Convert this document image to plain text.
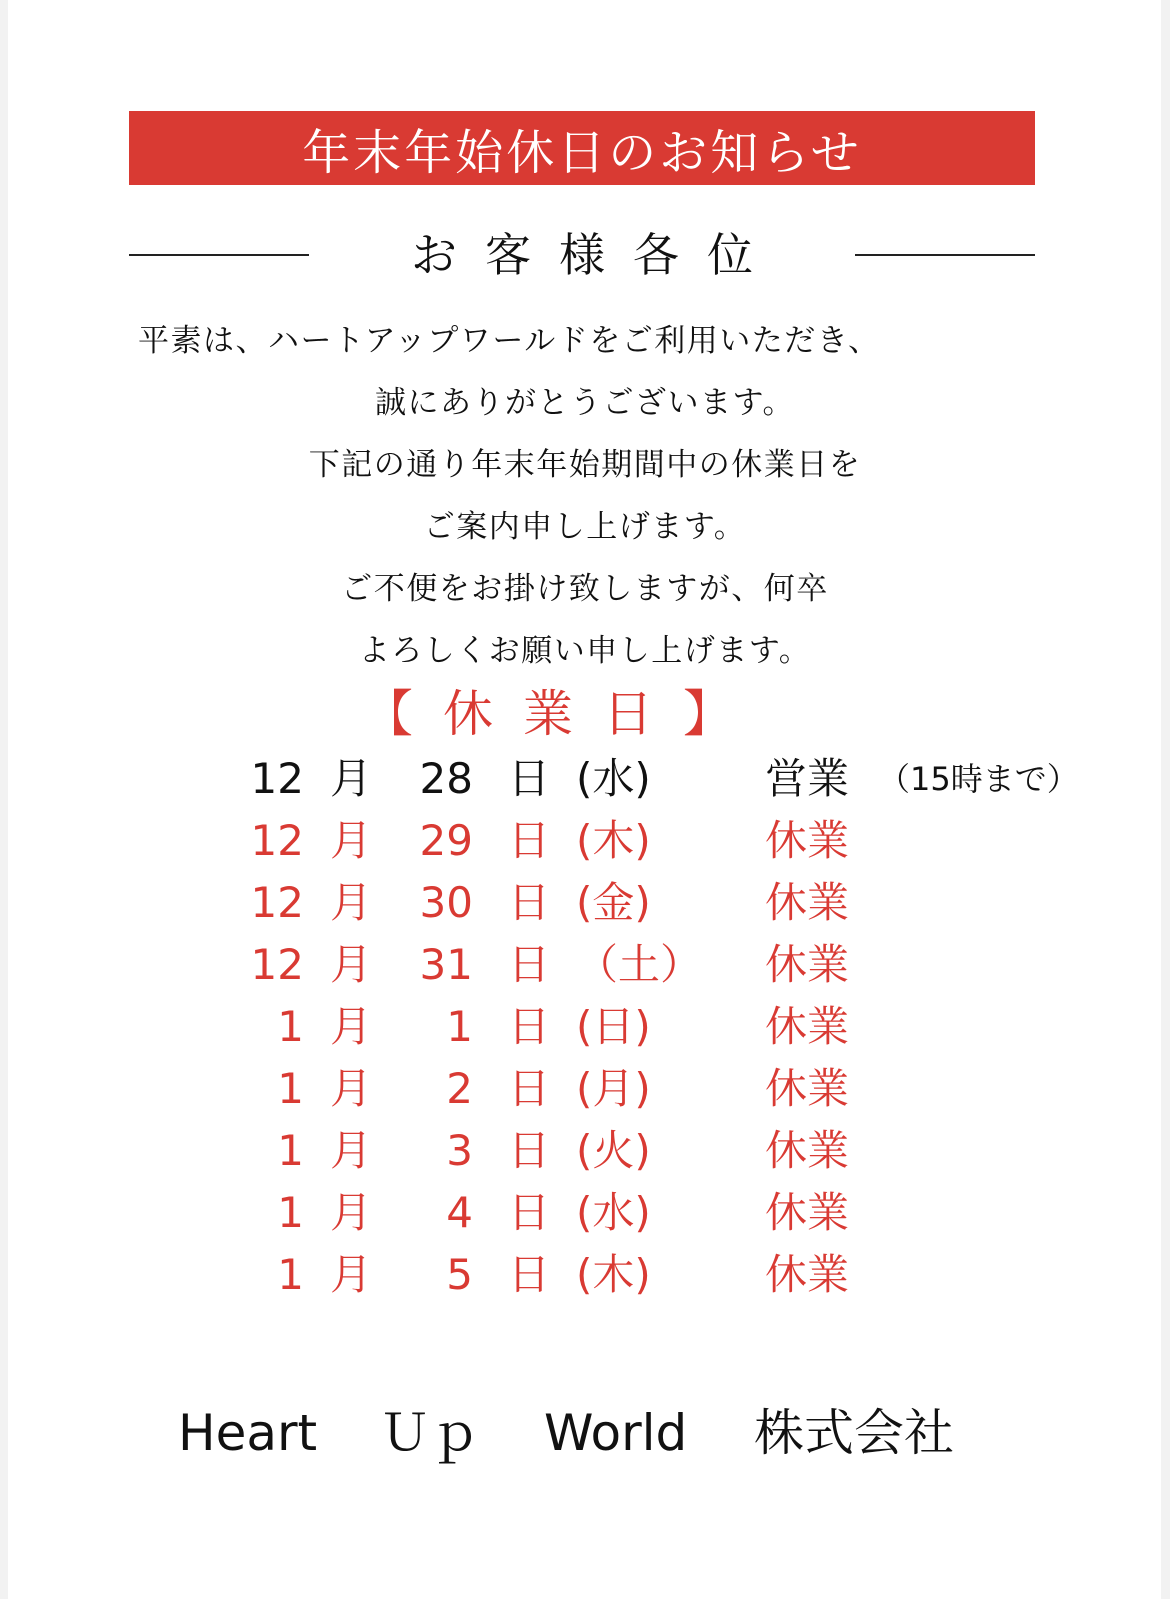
年末年始休日のお知らせ
お客様各位
平素は、ハートアップワールドをご利用いただき、
誠にありがとうございます。
下記の通り年末年始期間中の休業日を
ご案内申し上げます。
ご不便をお掛け致しますが、何卒
よろしくお願い申し上げます。
【休業日】
12 月	28 日 (水)	営業 （15時まで）
12 月	29 日 (木)	休業
12 月	30 日 (金)	休業
12 月	31 日 （土） 休業
1 月	1 日 (日)	休業
1 月	2 日 (月)	休業
1 月	3 日 (火)	休業
1 月	4 日 (水)	休業
1 月	5 日 (木)	休業
Heart Ｕｐ World 株式会社
